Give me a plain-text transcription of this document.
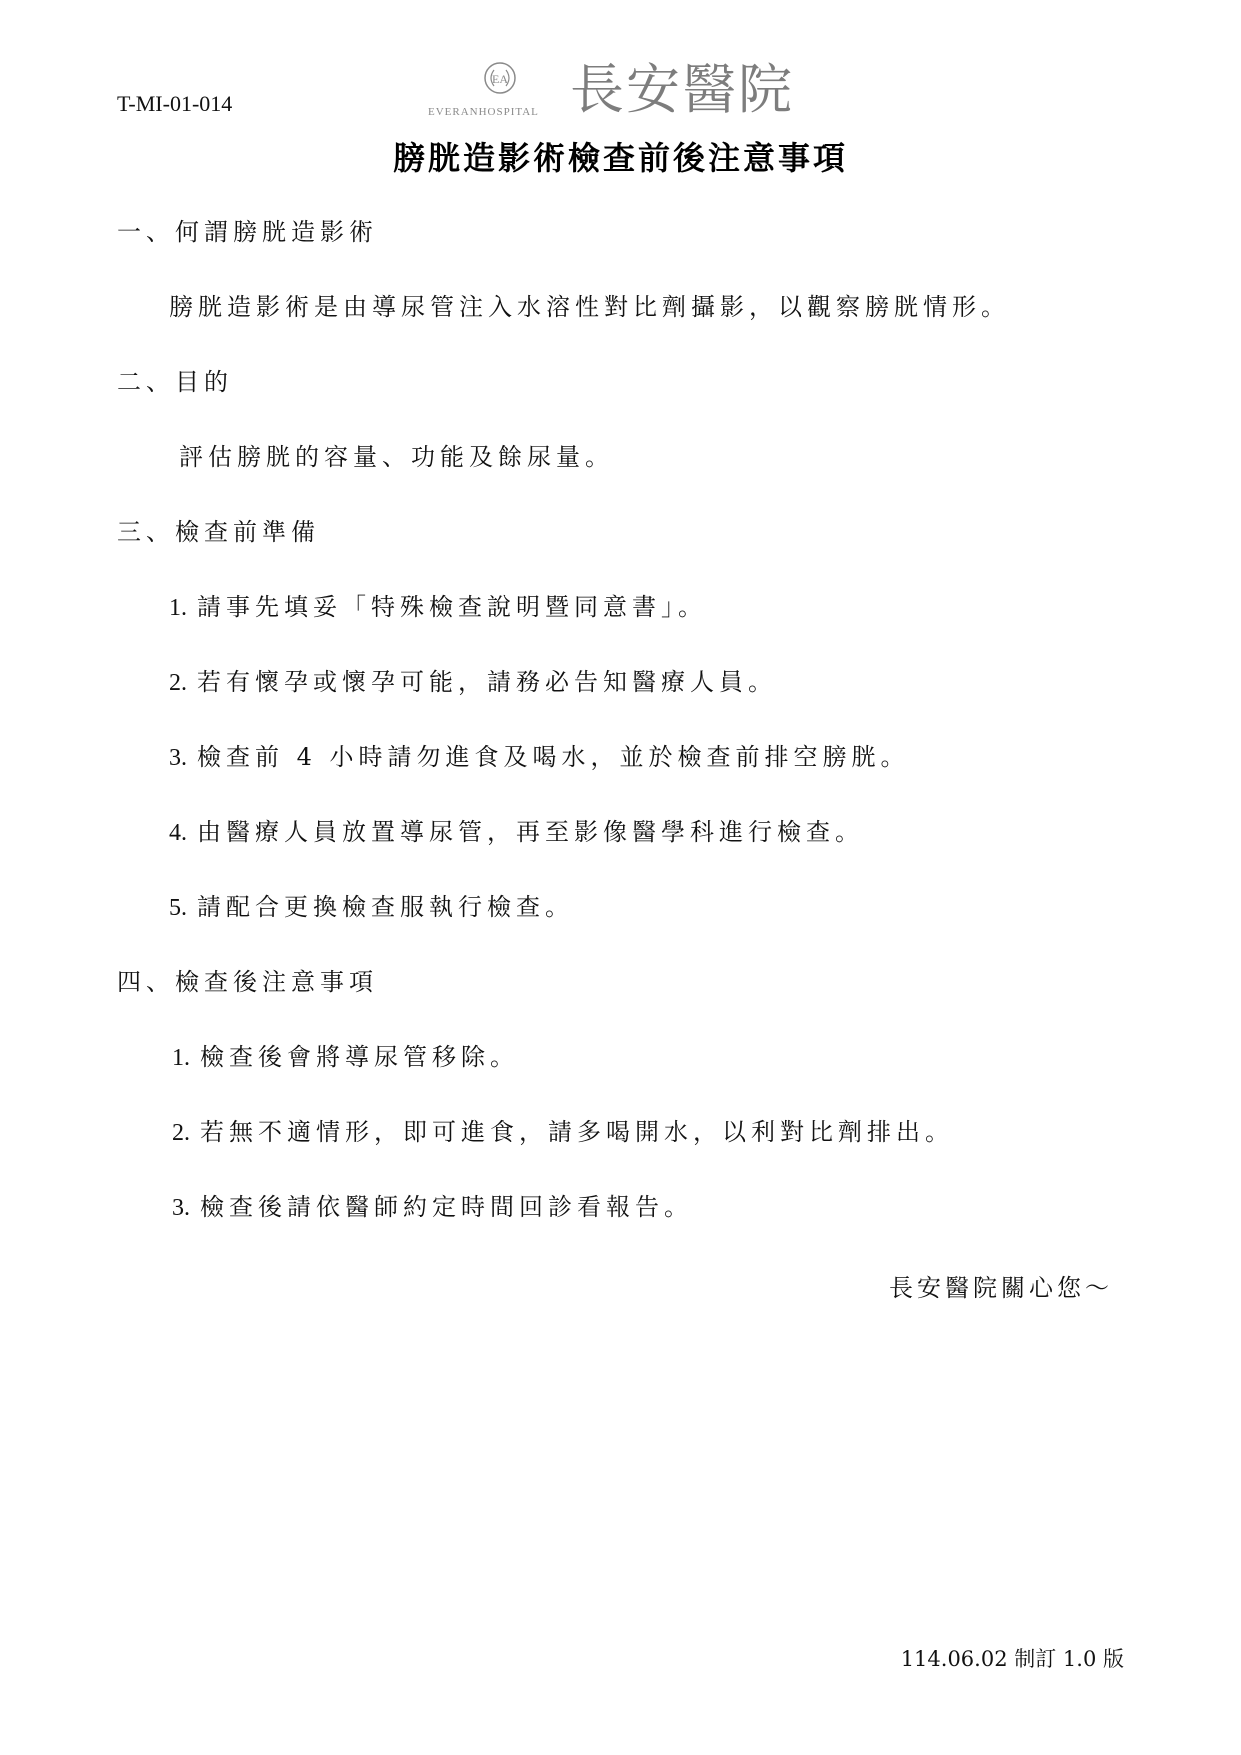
T-MI-01-014
EA
EVERANHOSPITAL 長安醫院
膀胱造影術檢查前後注意事項
一、何謂膀胱造影術
膀胱造影術是由導尿管注入水溶性對比劑攝影，以觀察膀胱情形。
二、目的
評估膀胱的容量、功能及餘尿量。
三、檢查前準備
1. 請事先填妥「特殊檢查說明暨同意書」。
2. 若有懷孕或懷孕可能，請務必告知醫療人員。
3. 檢查前 4 小時請勿進食及喝水，並於檢查前排空膀胱。
4. 由醫療人員放置導尿管，再至影像醫學科進行檢查。
5. 請配合更換檢查服執行檢查。
四、檢查後注意事項
1. 檢查後會將導尿管移除。
2. 若無不適情形，即可進食，請多喝開水，以利對比劑排出。
3. 檢查後請依醫師約定時間回診看報告。
長安醫院關心您～
114.06.02 制訂 1.0 版
